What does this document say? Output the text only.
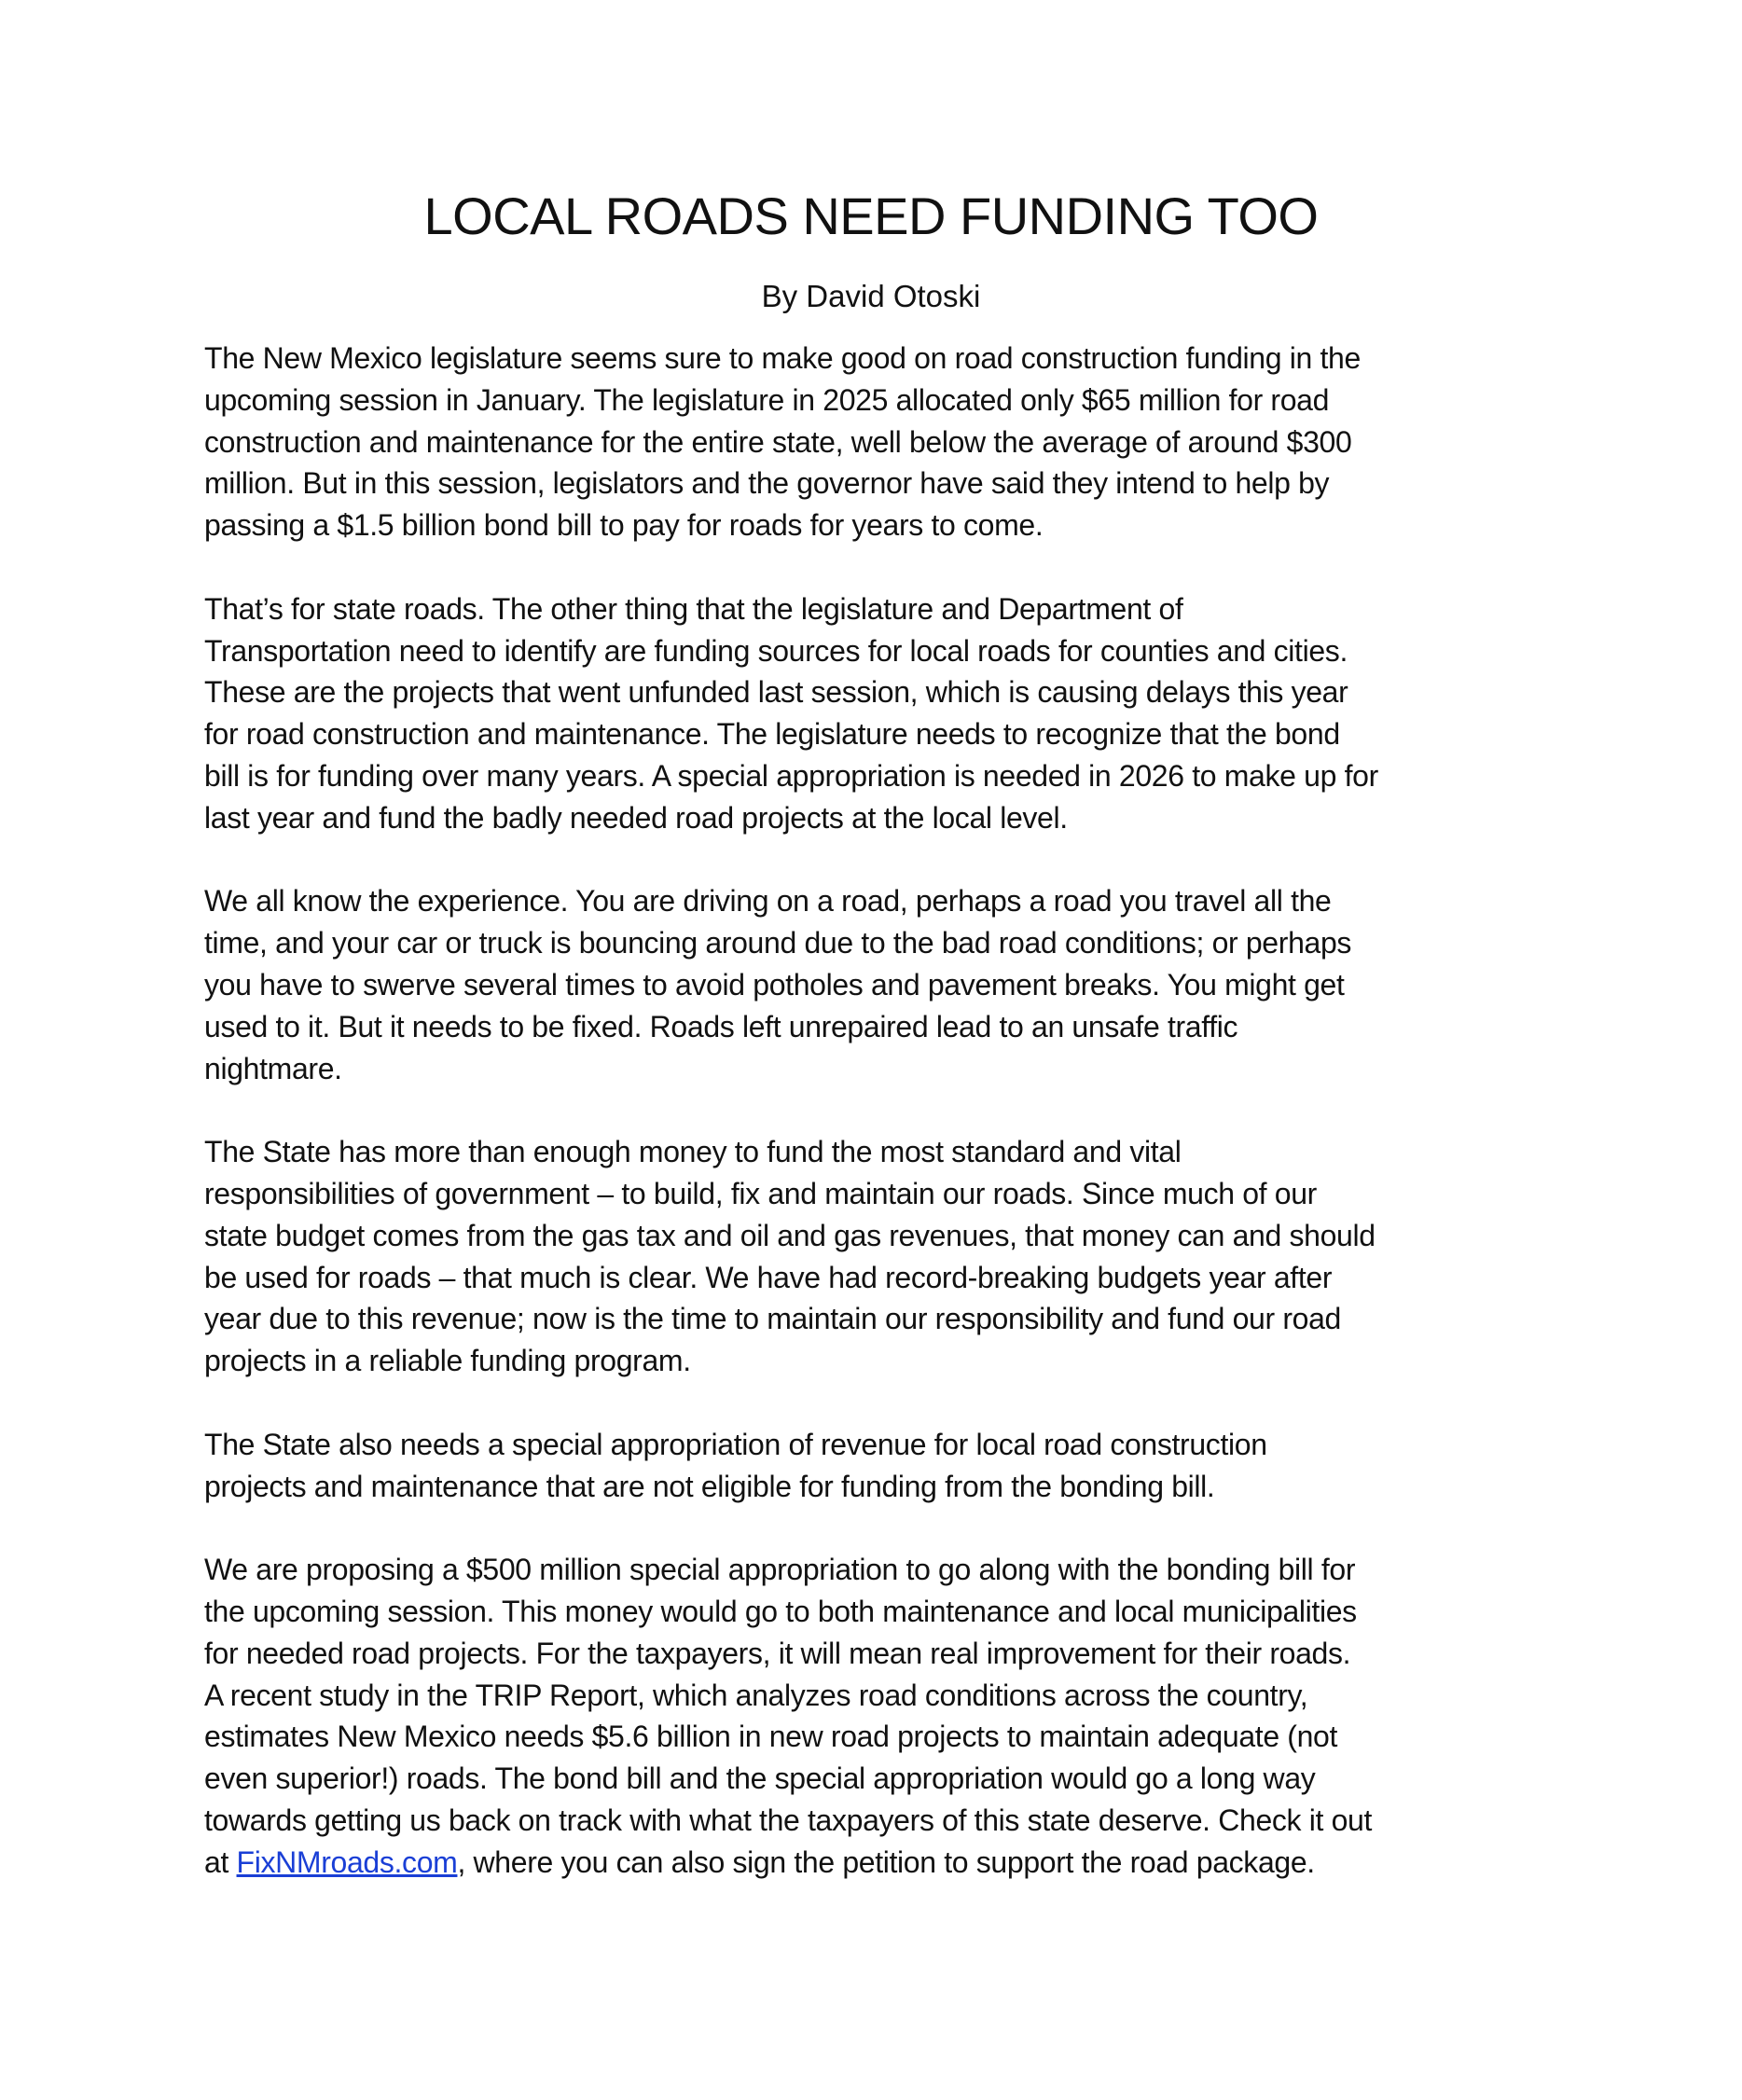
LOCAL ROADS NEED FUNDING TOO
By David Otoski

The New Mexico legislature seems sure to make good on road construction funding in the
upcoming session in January. The legislature in 2025 allocated only $65 million for road
construction and maintenance for the entire state, well below the average of around $300
million. But in this session, legislators and the governor have said they intend to help by
passing a $1.5 billion bond bill to pay for roads for years to come.

That’s for state roads. The other thing that the legislature and Department of
Transportation need to identify are funding sources for local roads for counties and cities.
These are the projects that went unfunded last session, which is causing delays this year
for road construction and maintenance. The legislature needs to recognize that the bond
bill is for funding over many years. A special appropriation is needed in 2026 to make up for
last year and fund the badly needed road projects at the local level.

We all know the experience. You are driving on a road, perhaps a road you travel all the
time, and your car or truck is bouncing around due to the bad road conditions; or perhaps
you have to swerve several times to avoid potholes and pavement breaks. You might get
used to it. But it needs to be fixed. Roads left unrepaired lead to an unsafe traffic
nightmare.

The State has more than enough money to fund the most standard and vital
responsibilities of government – to build, fix and maintain our roads. Since much of our
state budget comes from the gas tax and oil and gas revenues, that money can and should
be used for roads – that much is clear. We have had record-breaking budgets year after
year due to this revenue; now is the time to maintain our responsibility and fund our road
projects in a reliable funding program.

The State also needs a special appropriation of revenue for local road construction
projects and maintenance that are not eligible for funding from the bonding bill.

We are proposing a $500 million special appropriation to go along with the bonding bill for
the upcoming session. This money would go to both maintenance and local municipalities
for needed road projects. For the taxpayers, it will mean real improvement for their roads.
A recent study in the TRIP Report, which analyzes road conditions across the country,
estimates New Mexico needs $5.6 billion in new road projects to maintain adequate (not
even superior!) roads. The bond bill and the special appropriation would go a long way
towards getting us back on track with what the taxpayers of this state deserve. Check it out
at FixNMroads.com, where you can also sign the petition to support the road package.
